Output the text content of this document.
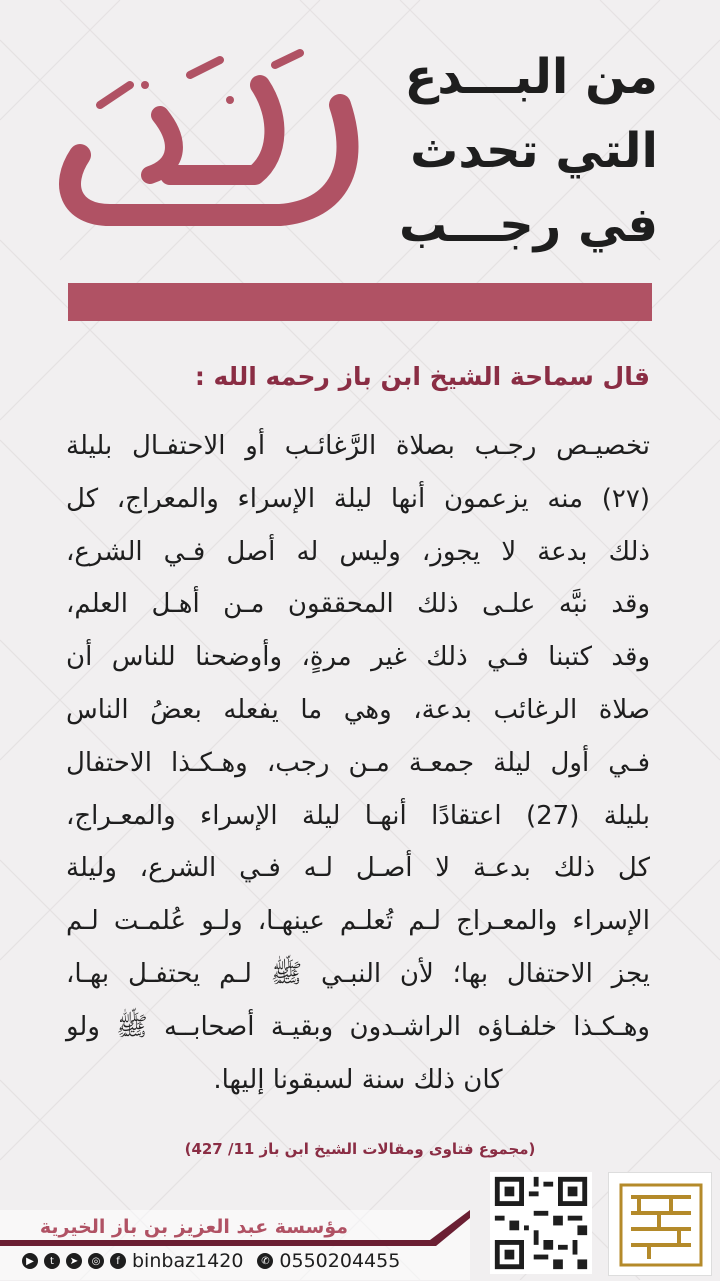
من البـــدع
التي تحدث
في رجـــب
قال سماحة الشيخ ابن باز رحمه الله :
تخصيـص رجـب بصلاة الرَّغائـب أو الاحتفـال بليلة
(٢٧) منه يزعمون أنها ليلة الإسراء والمعراج، كل
ذلك بدعة لا يجوز، وليس له أصل فـي الشرع،
وقد نبَّه علـى ذلك المحققون مـن أهـل العلم،
وقد كتبنا فـي ذلك غير مرةٍ، وأوضحنا للناس أن
صلاة الرغائب بدعة، وهي ما يفعله بعضُ الناس
فـي أول ليلة جمعـة مـن رجب، وهـكـذا الاحتفال
بليلة (27) اعتقادًا أنهـا ليلة الإسراء والمعـراج،
كل ذلك بدعـة لا أصـل لـه فـي الشرع، وليلة
الإسراء والمعـراج لـم تُعلـم عينهـا، ولـو عُلمـت لـم
يجز الاحتفال بها؛ لأن النبـي ﷺ لـم يحتفـل بهـا،
وهـكـذا خلفـاؤه الراشـدون وبقيـة أصحابــه ﷺ ولو
كان ذلك سنة لسبقونا إليها.
(مجموع فتاوى ومقالات الشيخ ابن باز 11/ 427)
مؤسسة عبد العزيز بن باز الخيرية
▶	t	➤	◎	f binbaz1420	✆ 0550204455
